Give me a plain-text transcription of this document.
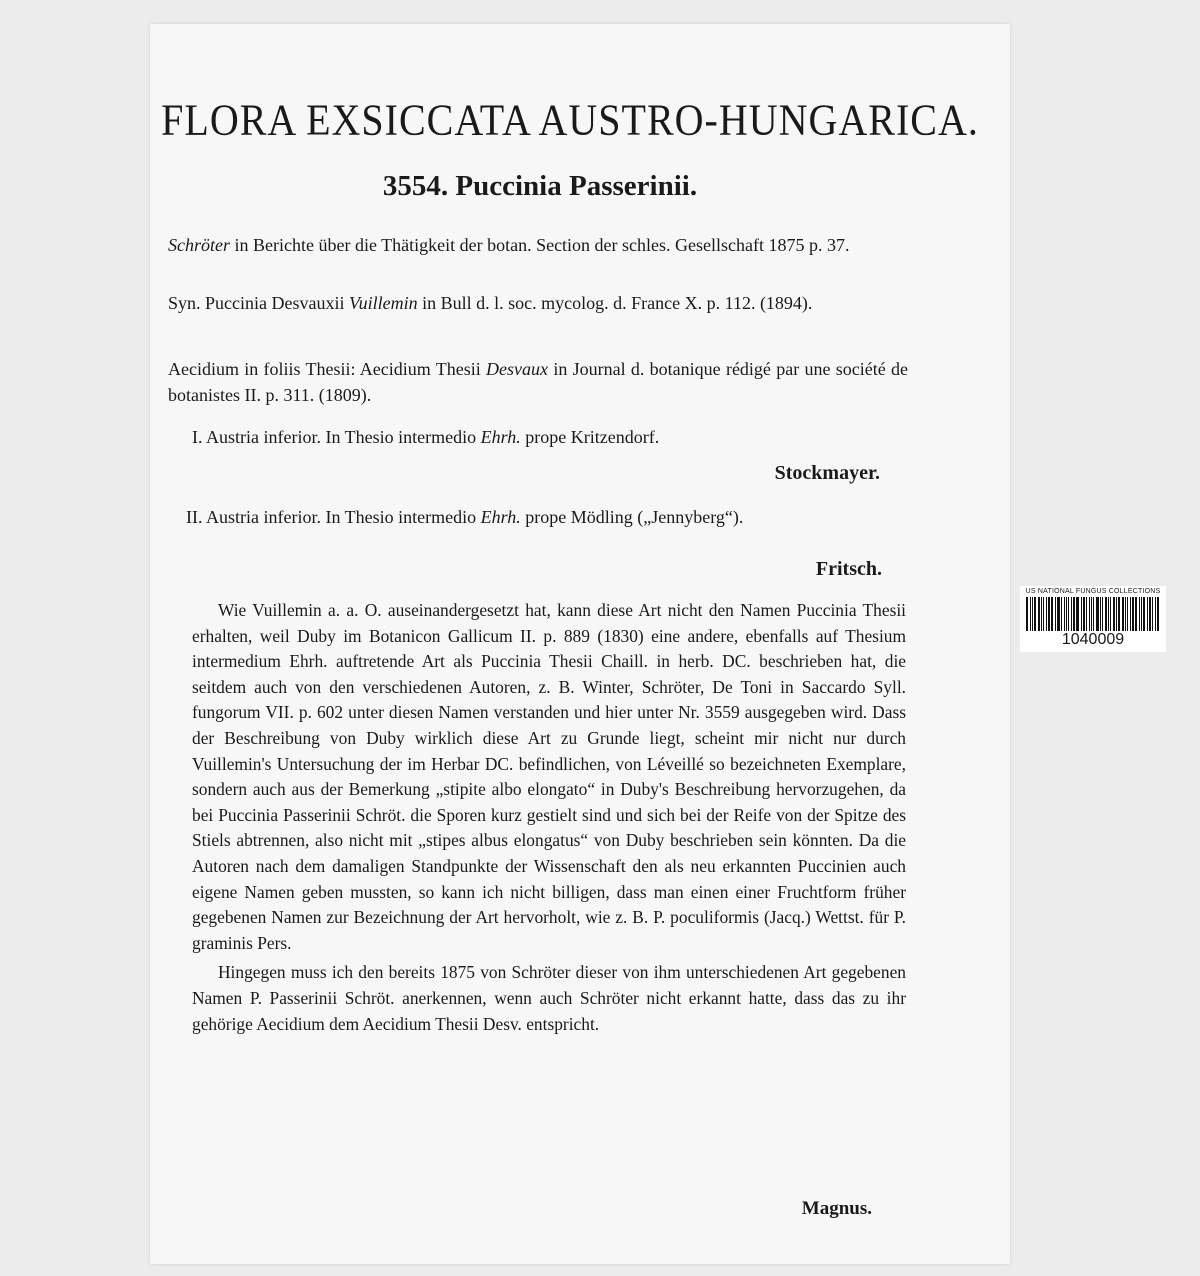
FLORA EXSICCATA AUSTRO-HUNGARICA.
3554. Puccinia Passerinii.
Schröter in Berichte über die Thätigkeit der botan. Section der schles. Gesellschaft 1875 p. 37.
Syn. Puccinia Desvauxii Vuillemin in Bull d. l. soc. mycolog. d. France X. p. 112. (1894).
Aecidium in foliis Thesii: Aecidium Thesii Desvaux in Journal d. botanique rédigé par une société de botanistes II. p. 311. (1809).
I. Austria inferior. In Thesio intermedio Ehrh. prope Kritzendorf.
Stockmayer.
II. Austria inferior. In Thesio intermedio Ehrh. prope Mödling („Jennyberg“).
Fritsch.

Wie Vuillemin a. a. O. auseinandergesetzt hat, kann diese Art nicht den Namen Puccinia Thesii erhalten, weil Duby im Botanicon Gallicum II. p. 889 (1830) eine andere, ebenfalls auf Thesium intermedium Ehrh. auftretende Art als Puccinia Thesii Chaill. in herb. DC. beschrieben hat, die seitdem auch von den verschiedenen Autoren, z. B. Winter, Schröter, De Toni in Saccardo Syll. fungorum VII. p. 602 unter diesen Namen verstanden und hier unter Nr. 3559 ausgegeben wird. Dass der Beschreibung von Duby wirklich diese Art zu Grunde liegt, scheint mir nicht nur durch Vuillemin's Untersuchung der im Herbar DC. befindlichen, von Léveillé so bezeichneten Exemplare, sondern auch aus der Bemerkung „stipite albo elongato“ in Duby's Beschreibung hervorzugehen, da bei Puccinia Passerinii Schröt. die Sporen kurz gestielt sind und sich bei der Reife von der Spitze des Stiels abtrennen, also nicht mit „stipes albus elongatus“ von Duby beschrieben sein könnten. Da die Autoren nach dem damaligen Standpunkte der Wissenschaft den als neu erkannten Puccinien auch eigene Namen geben mussten, so kann ich nicht billigen, dass man einen einer Fruchtform früher gegebenen Namen zur Bezeichnung der Art hervorholt, wie z. B. P. poculiformis (Jacq.) Wettst. für P. graminis Pers.

Hingegen muss ich den bereits 1875 von Schröter dieser von ihm unterschiedenen Art gegebenen Namen P. Passerinii Schröt. anerkennen, wenn auch Schröter nicht erkannt hatte, dass das zu ihr gehörige Aecidium dem Aecidium Thesii Desv. entspricht.

Magnus.
US NATIONAL FUNGUS COLLECTIONS
1040009
